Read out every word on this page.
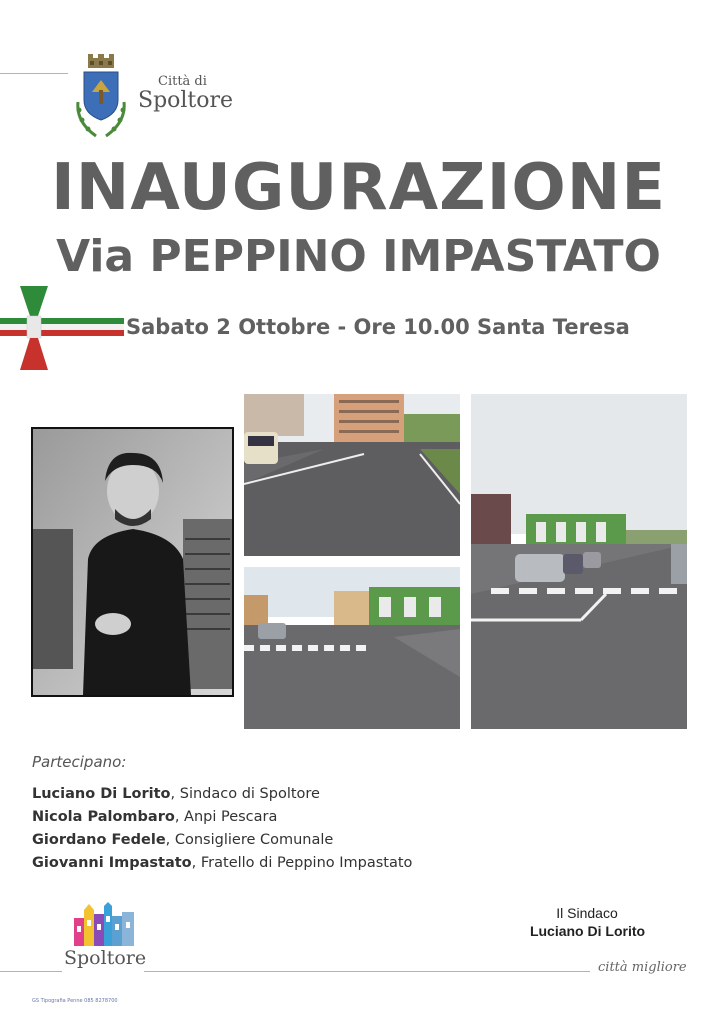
Città di
Spoltore
INAUGURAZIONE
Via PEPPINO IMPASTATO
Sabato 2 Ottobre - Ore 10.00 Santa Teresa
Partecipano:
Luciano Di Lorito, Sindaco di Spoltore
Nicola Palombaro, Anpi Pescara
Giordano Fedele, Consigliere Comunale
Giovanni Impastato, Fratello di Peppino Impastato
Spoltore
Il Sindaco
Luciano Di Lorito
città migliore
GS Tipografia Penne 085 8278700
